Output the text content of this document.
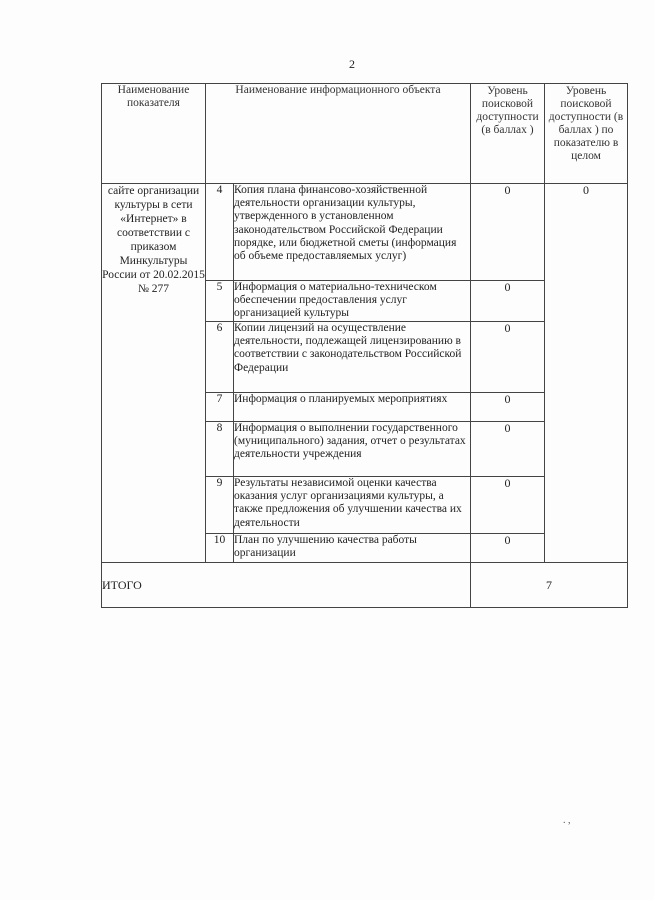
2
Наименование показателя	Наименование информационного объекта		Уровень поисковой доступности (в баллах )	Уровень поисковой доступности (в баллах ) по показателю в целом
сайте организации культуры в сети «Интернет» в соответствии с приказом Минкультуры России от 20.02.2015 № 277	4	Копия плана финансово-хозяйственной деятельности организации культуры, утвержденного в установленном законодательством Российской Федерации порядке, или бюджетной сметы (информация об объеме предоставляемых услуг)	0	0
	5	Информация о материально-техническом обеспечении предоставления услуг организацией культуры	0	
	6	Копии лицензий на осуществление деятельности, подлежащей лицензированию в соответствии с законодательством Российской Федерации	0	
	7	Информация о планируемых мероприятиях	0	
	8	Информация о выполнении государственного (муниципального) задания, отчет о результатах деятельности учреждения	0	
	9	Результаты независимой оценки качества оказания услуг организациями культуры, а также предложения об улучшении качества их деятельности	0	
	10	План по улучшению качества работы организации	0	
ИТОГО			7	
. ,
